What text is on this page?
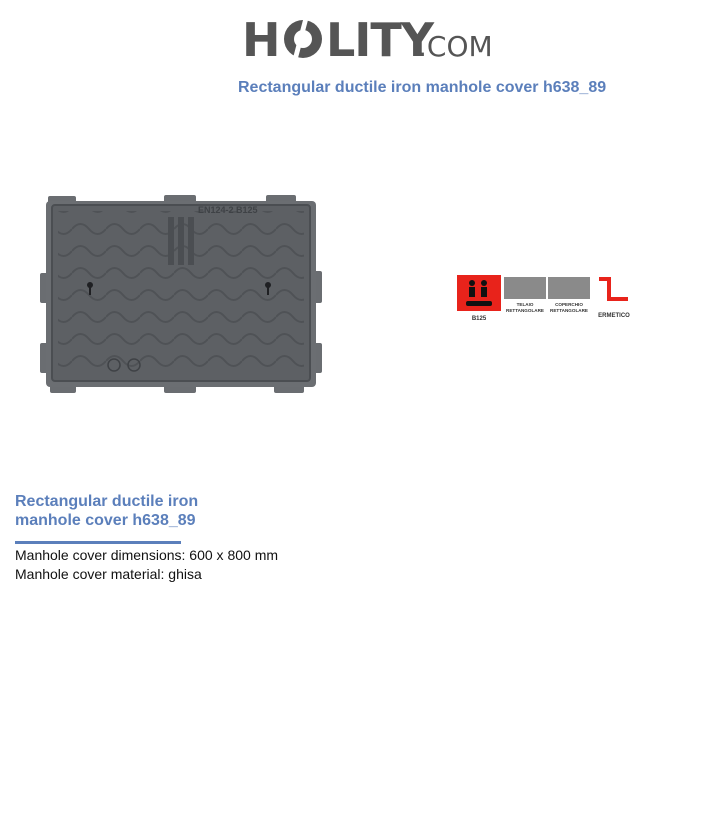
H LITY
.COM
Rectangular ductile iron manhole cover h638_89
EN124-2 B125
B125
TELAIO
RETTANGOLARE
COPERCHIO
RETTANGOLARE
ERMETICO
Rectangular ductile iron
manhole cover h638_89
Manhole cover dimensions: 600 x 800 mm
Manhole cover material: ghisa
